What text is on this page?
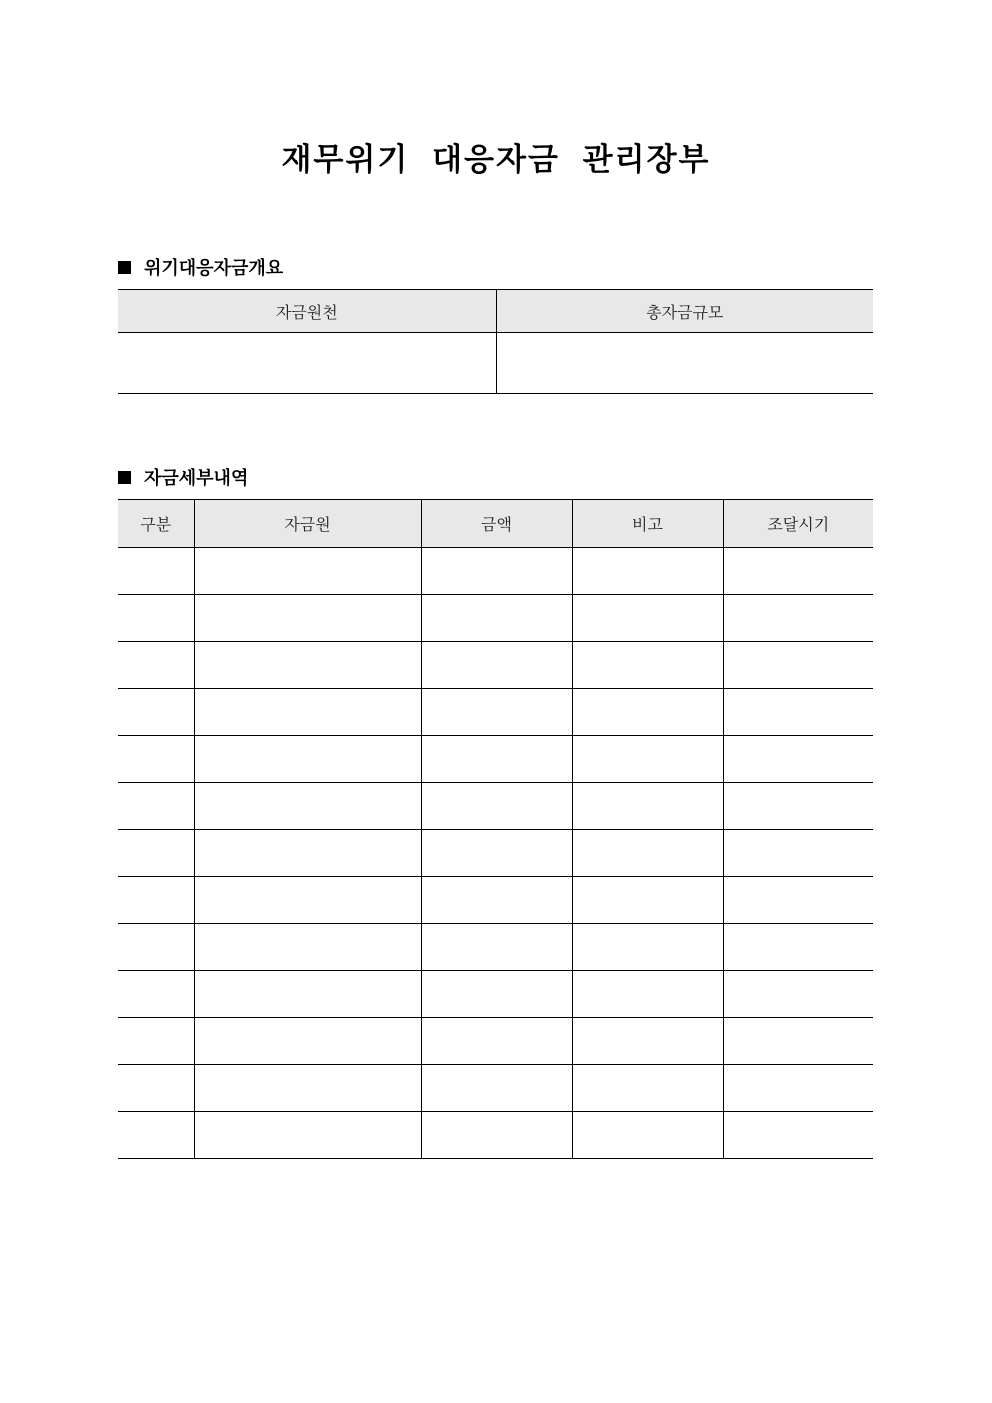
재무위기 대응자금 관리장부
위기대응자금개요
자금원천	총자금규모

자금세부내역
구분	자금원	금액	비고	조달시기
